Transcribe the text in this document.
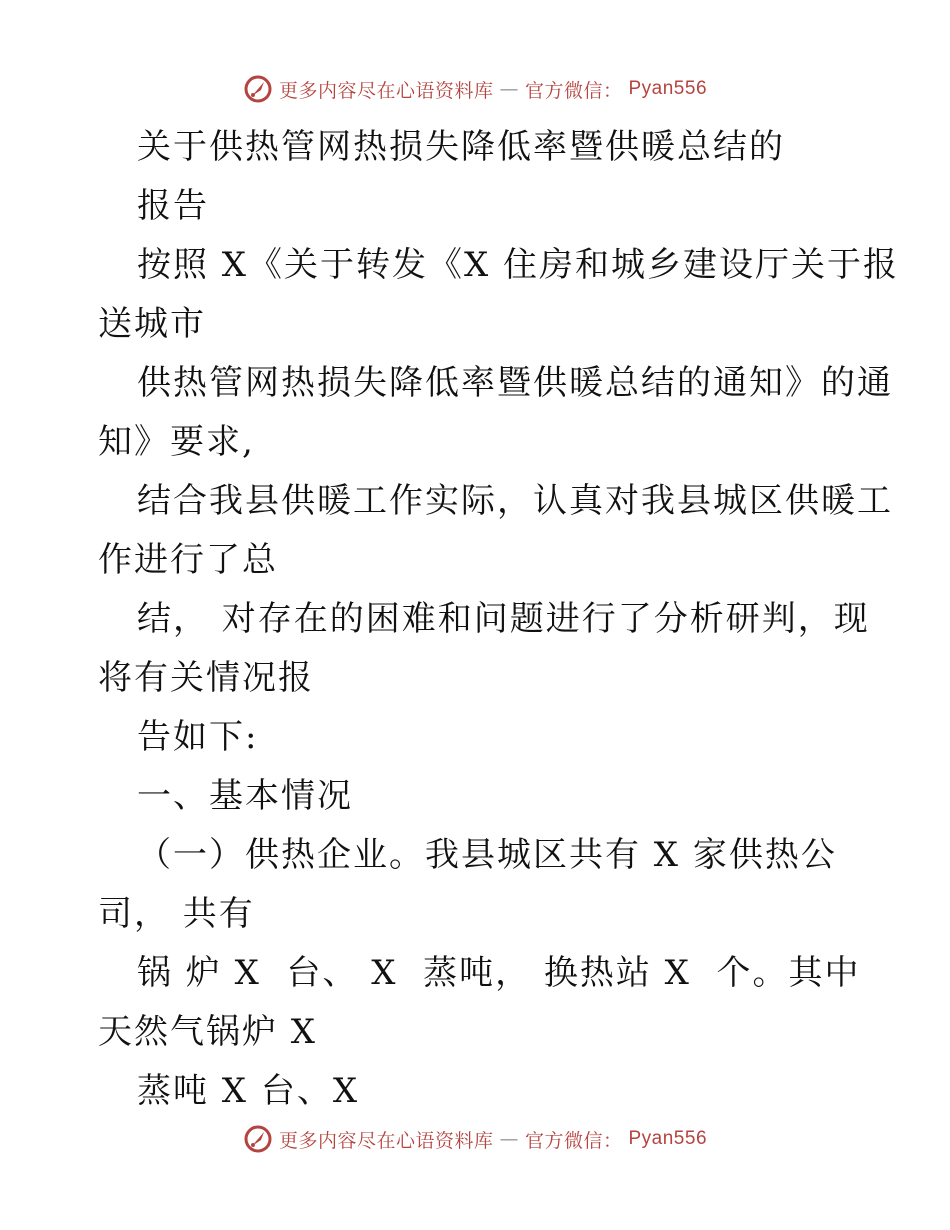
更多内容尽在心语资料库 — 官方微信： Pyan556
关于供热管网热损失降低率暨供暖总结的
报告
按照 X《关于转发《X 住房和城乡建设厅关于报
送城市
供热管网热损失降低率暨供暖总结的通知》的通
知》要求,
结合我县供暖工作实际，认真对我县城区供暖工
作进行了总
结， 对存在的困难和问题进行了分析研判，现
将有关情况报
告如下:
一、基本情况
（一）供热企业。我县城区共有 X 家供热公
司， 共有
锅 炉 X  台、 X  蒸吨， 换热站 X  个。其中
天然气锅炉 X
蒸吨 X 台、X
更多内容尽在心语资料库 — 官方微信： Pyan556
